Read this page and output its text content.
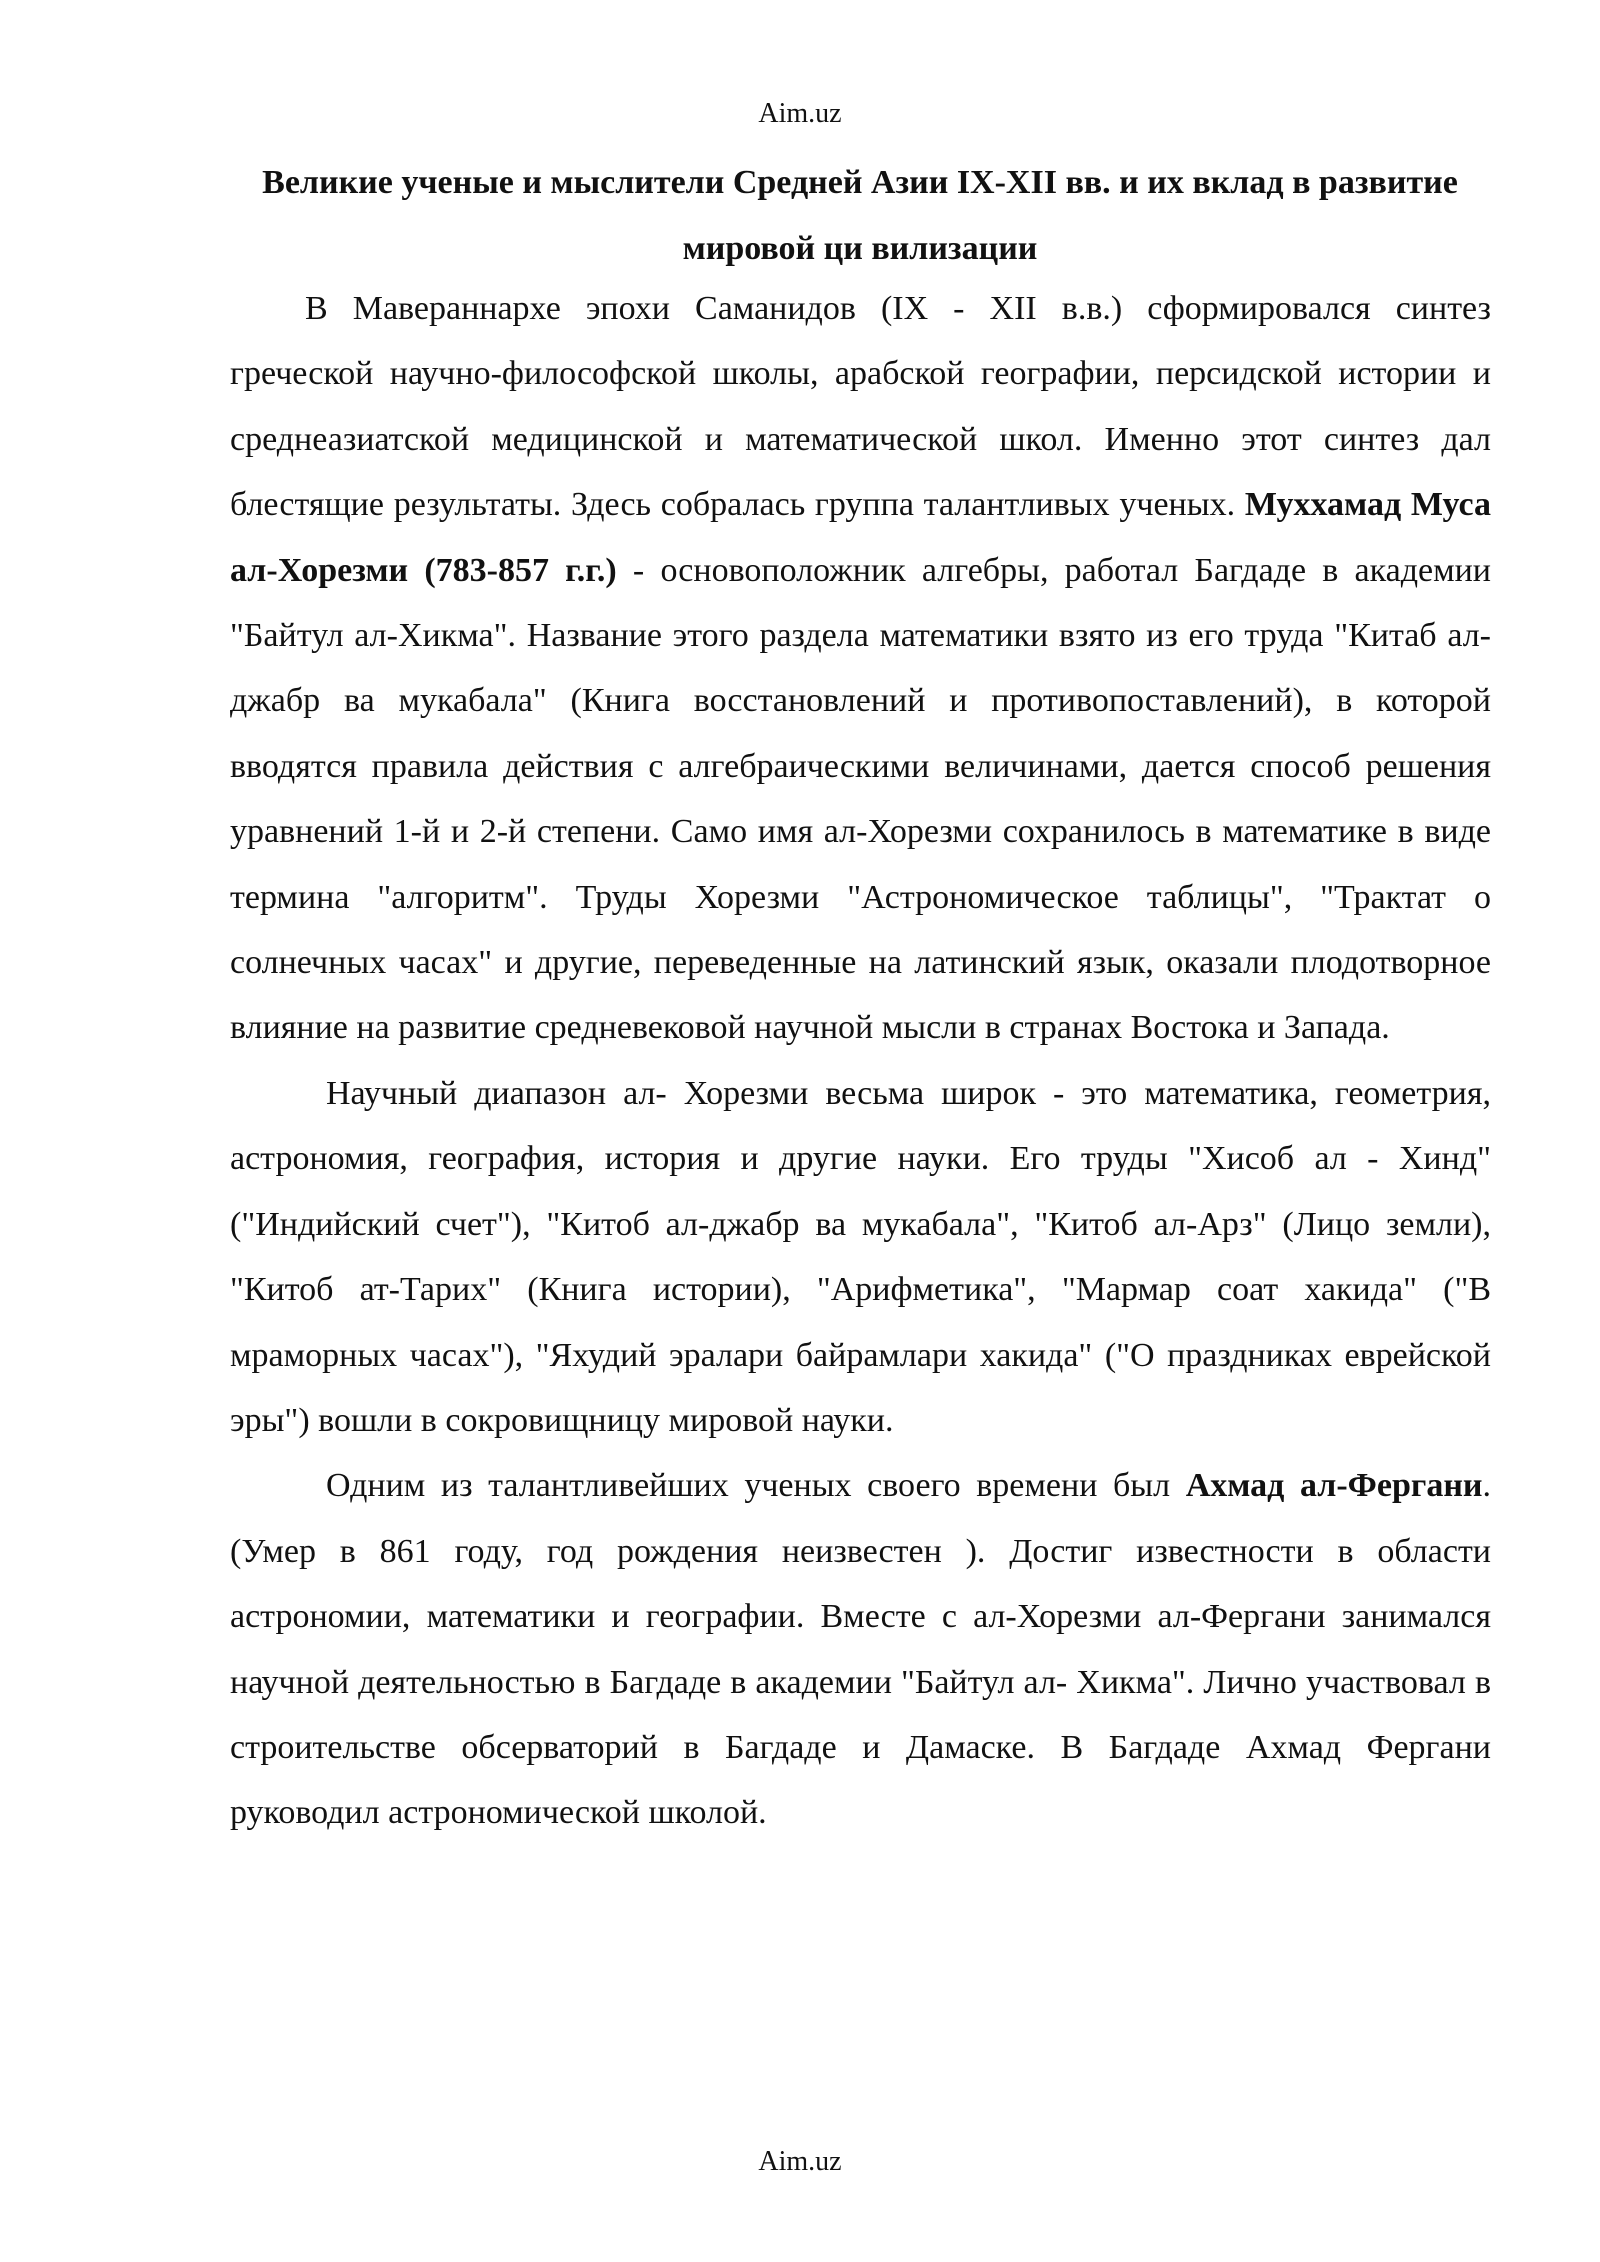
Aim.uz
Великие ученые и мыслители Средней Азии IX-XII вв. и их вклад в развитие мировой ци вилизации

В Мавераннархе эпохи Саманидов (IX - XII в.в.) сформировался синтез греческой научно-философской школы, арабской географии, персидской истории и среднеазиатской медицинской и математической школ. Именно этот синтез дал блестящие результаты. Здесь собралась группа талантливых ученых. Муххамад Муса ал-Хорезми (783-857 г.г.) - основоположник алгебры, работал Багдаде в академии "Байтул ал-Хикма". Название этого раздела математики взято из его труда "Китаб ал-джабр ва мукабала" (Книга восстановлений и противопоставлений), в которой вводятся правила действия с алгебраическими величинами, дается способ решения уравнений 1-й и 2-й степени. Само имя ал-Хорезми сохранилось в математике в виде термина "алгоритм". Труды Хорезми "Астрономическое таблицы", "Трактат о солнечных часах" и другие, переведенные на латинский язык, оказали плодотворное влияние на развитие средневековой научной мысли в странах Востока и Запада.

Научный диапазон ал- Хорезми весьма широк - это математика, геометрия, астрономия, география, история и другие науки. Его труды "Хисоб ал - Хинд" ("Индийский счет"), "Китоб ал-джабр ва мукабала", "Китоб ал-Арз" (Лицо земли), "Китоб ат-Тарих" (Книга истории), "Арифметика", "Мармар соат хакида" ("В мраморных часах"), "Яхудий эралари байрамлари хакида" ("О праздниках еврейской эры") вошли в сокровищницу мировой науки.

Одним из талантливейших ученых своего времени был Ахмад ал-Фергани. (Умер в 861 году, год рождения неизвестен ). Достиг известности в области астрономии, математики и географии. Вместе с ал-Хорезми ал-Фергани занимался научной деятельностью в Багдаде в академии "Байтул ал- Хикма". Лично участвовал в строительстве обсерваторий в Багдаде и Дамаске. В Багдаде Ахмад Фергани руководил астрономической школой.

Aim.uz
